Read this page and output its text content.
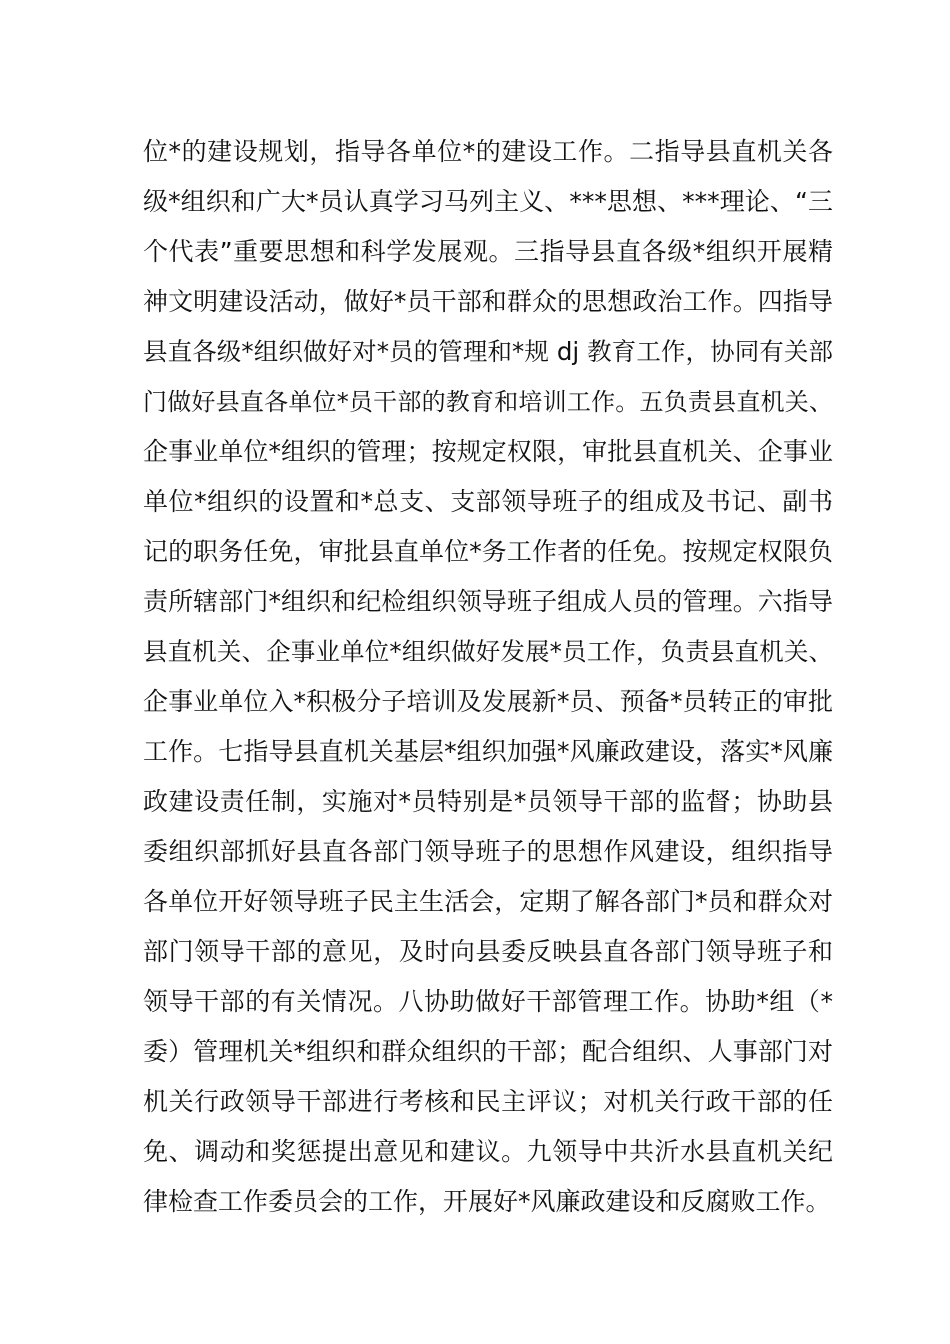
位*的建设规划，指导各单位*的建设工作。二指导县直机关各
级*组织和广大*员认真学习马列主义、***思想、***理论、“三
个代表”重要思想和科学发展观。三指导县直各级*组织开展精
神文明建设活动，做好*员干部和群众的思想政治工作。四指导
县直各级*组织做好对*员的管理和*规 dj 教育工作，协同有关部
门做好县直各单位*员干部的教育和培训工作。五负责县直机关、
企事业单位*组织的管理；按规定权限，审批县直机关、企事业
单位*组织的设置和*总支、支部领导班子的组成及书记、副书
记的职务任免，审批县直单位*务工作者的任免。按规定权限负
责所辖部门*组织和纪检组织领导班子组成人员的管理。六指导
县直机关、企事业单位*组织做好发展*员工作，负责县直机关、
企事业单位入*积极分子培训及发展新*员、预备*员转正的审批
工作。七指导县直机关基层*组织加强*风廉政建设，落实*风廉
政建设责任制，实施对*员特别是*员领导干部的监督；协助县
委组织部抓好县直各部门领导班子的思想作风建设，组织指导
各单位开好领导班子民主生活会，定期了解各部门*员和群众对
部门领导干部的意见，及时向县委反映县直各部门领导班子和
领导干部的有关情况。八协助做好干部管理工作。协助*组（*
委）管理机关*组织和群众组织的干部；配合组织、人事部门对
机关行政领导干部进行考核和民主评议；对机关行政干部的任
免、调动和奖惩提出意见和建议。九领导中共沂水县直机关纪
律检查工作委员会的工作，开展好*风廉政建设和反腐败工作。
